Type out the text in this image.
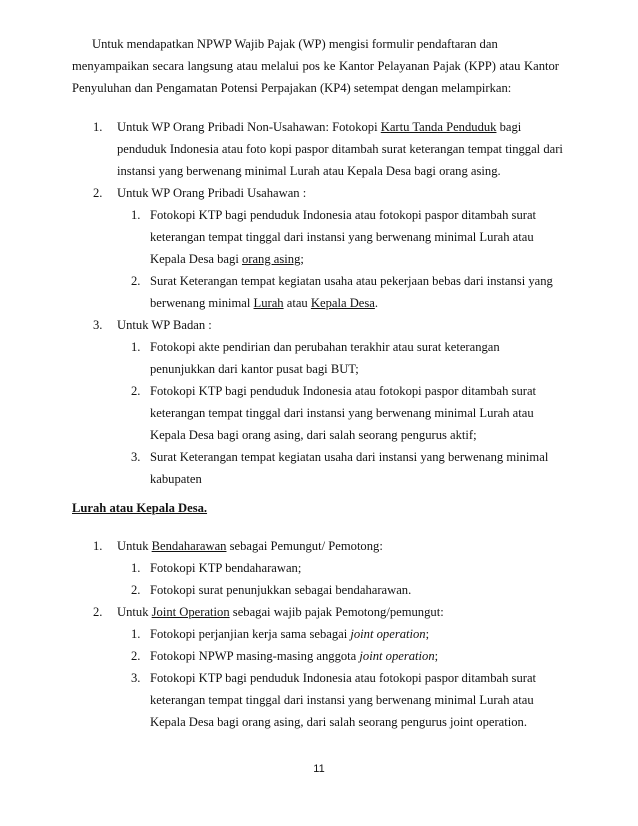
Untuk mendapatkan NPWP Wajib Pajak (WP) mengisi formulir pendaftaran dan
menyampaikan secara langsung atau melalui pos ke Kantor Pelayanan Pajak (KPP) atau Kantor
Penyuluhan dan Pengamatan Potensi Perpajakan (KP4) setempat dengan melampirkan:
1. Untuk WP Orang Pribadi Non-Usahawan: Fotokopi Kartu Tanda Penduduk bagi
penduduk Indonesia atau foto kopi paspor ditambah surat keterangan tempat tinggal dari
instansi yang berwenang minimal Lurah atau Kepala Desa bagi orang asing.
2. Untuk WP Orang Pribadi Usahawan :
1. Fotokopi KTP bagi penduduk Indonesia atau fotokopi paspor ditambah surat
keterangan tempat tinggal dari instansi yang berwenang minimal Lurah atau
Kepala Desa bagi orang asing;
2. Surat Keterangan tempat kegiatan usaha atau pekerjaan bebas dari instansi yang
berwenang minimal Lurah atau Kepala Desa.
3. Untuk WP Badan :
1. Fotokopi akte pendirian dan perubahan terakhir atau surat keterangan
penunjukkan dari kantor pusat bagi BUT;
2. Fotokopi KTP bagi penduduk Indonesia atau fotokopi paspor ditambah surat
keterangan tempat tinggal dari instansi yang berwenang minimal Lurah atau
Kepala Desa bagi orang asing, dari salah seorang pengurus aktif;
3. Surat Keterangan tempat kegiatan usaha dari instansi yang berwenang minimal
kabupaten
Lurah atau Kepala Desa.
1. Untuk Bendaharawan sebagai Pemungut/ Pemotong:
1. Fotokopi KTP bendaharawan;
2. Fotokopi surat penunjukkan sebagai bendaharawan.
2. Untuk Joint Operation sebagai wajib pajak Pemotong/pemungut:
1. Fotokopi perjanjian kerja sama sebagai joint operation;
2. Fotokopi NPWP masing-masing anggota joint operation;
3. Fotokopi KTP bagi penduduk Indonesia atau fotokopi paspor ditambah surat
keterangan tempat tinggal dari instansi yang berwenang minimal Lurah atau
Kepala Desa bagi orang asing, dari salah seorang pengurus joint operation.
11
